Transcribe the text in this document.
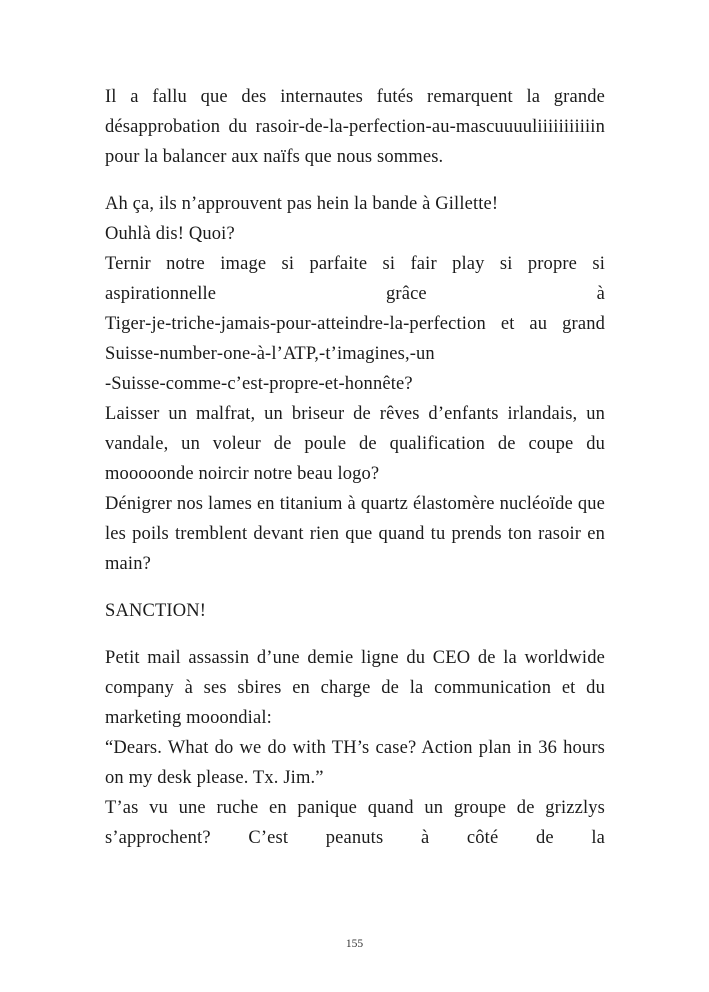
Il a fallu que des internautes futés remarquent la grande désapprobation du rasoir‑de‑la‑perfection‑au‑mascuuuuliiiiiiiiiiin pour la balancer aux naïfs que nous sommes.

Ah ça, ils n’approuvent pas hein la bande à Gillette!

Ouhlà dis! Quoi?

Ternir notre image si parfaite si fair play si propre si aspirationnelle grâce à Tiger‑je‑triche‑jamais‑pour‑atteindre‑la‑perfection et au grand Suisse‑number‑one‑à‑l’ATP,‑t’imagines,‑un ‑Suisse‑comme‑c’est‑propre‑et‑honnête?

Laisser un malfrat, un briseur de rêves d’enfants irlandais, un vandale, un voleur de poule de qualification de coupe du mooooonde noircir notre beau logo?

Dénigrer nos lames en titanium à quartz élastomère nucléoïde que les poils tremblent devant rien que quand tu prends ton rasoir en main?

SANCTION!

Petit mail assassin d’une demie ligne du CEO de la worldwide company à ses sbires en charge de la communication et du marketing mooondial:

“Dears. What do we do with TH’s case? Action plan in 36 hours on my desk please. Tx. Jim.”

T’as vu une ruche en panique quand un groupe de grizzlys s’approchent? C’est peanuts à côté de la

155
